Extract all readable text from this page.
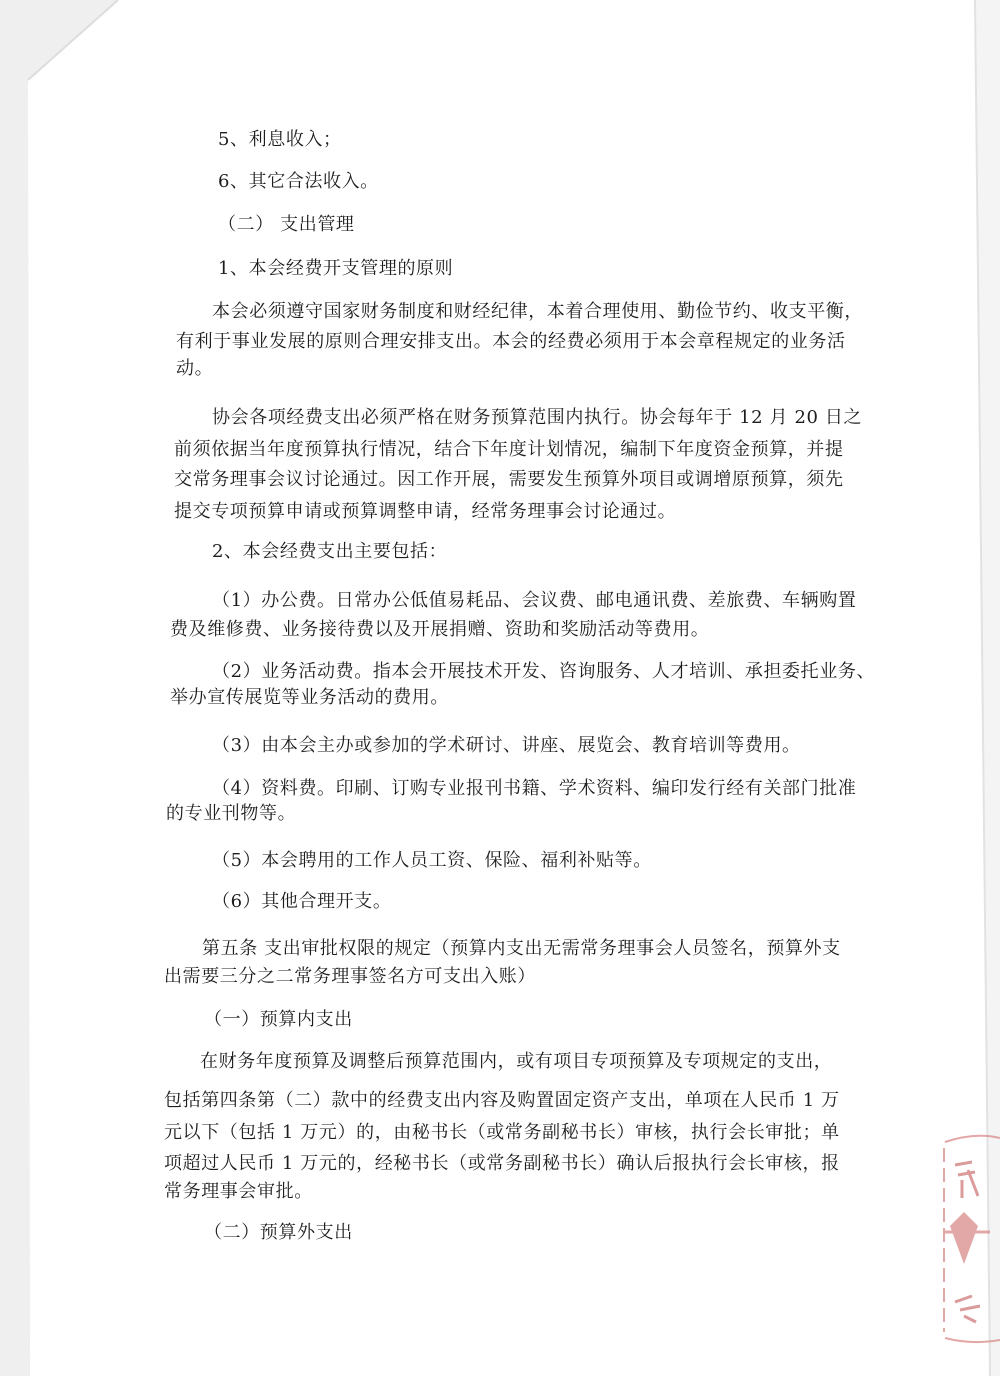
5、利息收入；

6、其它合法收入。

（二） 支出管理

1、本会经费开支管理的原则

本会必须遵守国家财务制度和财经纪律，本着合理使用、勤俭节约、收支平衡，

有利于事业发展的原则合理安排支出。本会的经费必须用于本会章程规定的业务活

动。

协会各项经费支出必须严格在财务预算范围内执行。协会每年于 12 月 20 日之

前须依据当年度预算执行情况，结合下年度计划情况，编制下年度资金预算，并提

交常务理事会议讨论通过。因工作开展，需要发生预算外项目或调增原预算，须先

提交专项预算申请或预算调整申请，经常务理事会讨论通过。

2、本会经费支出主要包括：

（1）办公费。日常办公低值易耗品、会议费、邮电通讯费、差旅费、车辆购置

费及维修费、业务接待费以及开展捐赠、资助和奖励活动等费用。

（2）业务活动费。指本会开展技术开发、咨询服务、人才培训、承担委托业务、

举办宣传展览等业务活动的费用。

（3）由本会主办或参加的学术研讨、讲座、展览会、教育培训等费用。

（4）资料费。印刷、订购专业报刊书籍、学术资料、编印发行经有关部门批准

的专业刊物等。

（5）本会聘用的工作人员工资、保险、福利补贴等。

（6）其他合理开支。

第五条 支出审批权限的规定（预算内支出无需常务理事会人员签名，预算外支

出需要三分之二常务理事签名方可支出入账）

（一）预算内支出

在财务年度预算及调整后预算范围内，或有项目专项预算及专项规定的支出，

包括第四条第（二）款中的经费支出内容及购置固定资产支出，单项在人民币 1 万

元以下（包括 1 万元）的，由秘书长（或常务副秘书长）审核，执行会长审批；单

项超过人民币 1 万元的，经秘书长（或常务副秘书长）确认后报执行会长审核，报

常务理事会审批。

（二）预算外支出
